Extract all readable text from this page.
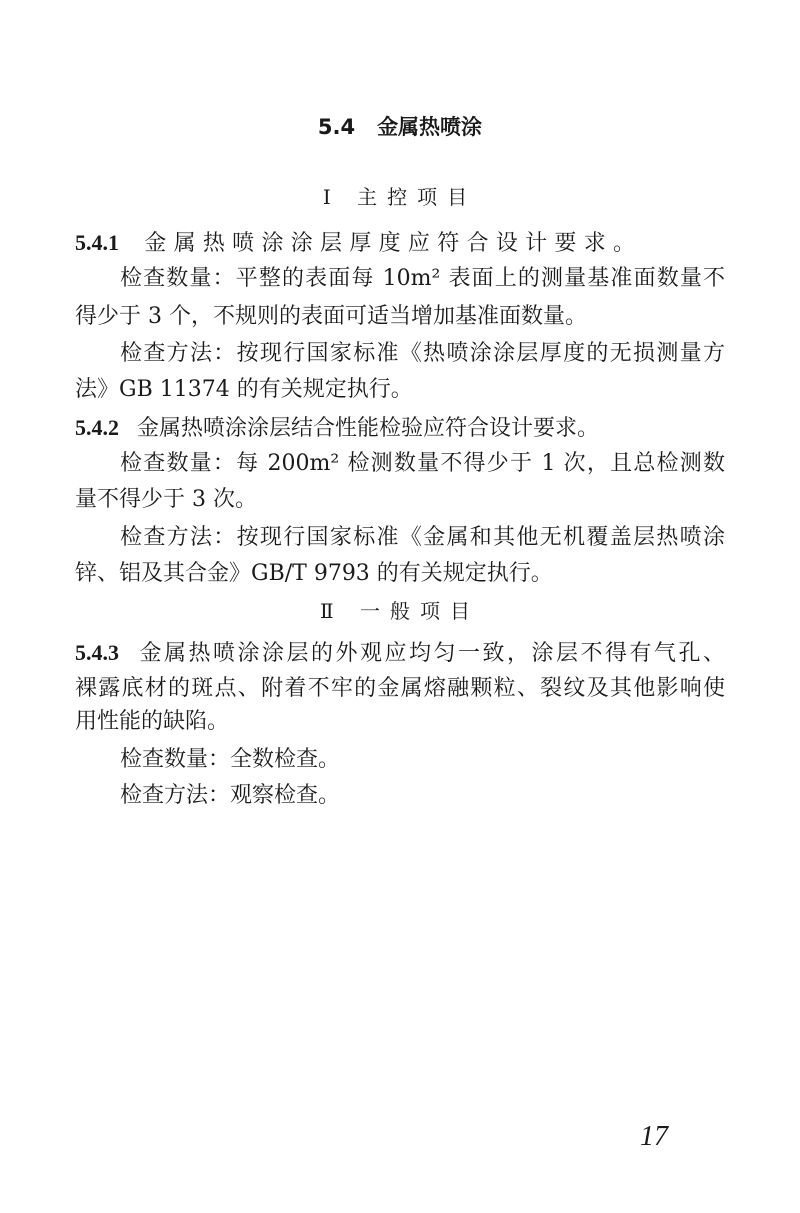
5.4 金属热喷涂
Ⅰ 主控项目
5.4.1 金属热喷涂涂层厚度应符合设计要求。
检查数量：平整的表面每 10m² 表面上的测量基准面数量不
得少于 3 个，不规则的表面可适当增加基准面数量。
检查方法：按现行国家标准《热喷涂涂层厚度的无损测量方
法》GB 11374 的有关规定执行。
5.4.2 金属热喷涂涂层结合性能检验应符合设计要求。
检查数量：每 200m² 检测数量不得少于 1 次，且总检测数
量不得少于 3 次。
检查方法：按现行国家标准《金属和其他无机覆盖层热喷涂
锌、铝及其合金》GB/T 9793 的有关规定执行。
Ⅱ 一般项目
5.4.3 金属热喷涂涂层的外观应均匀一致，涂层不得有气孔、
裸露底材的斑点、附着不牢的金属熔融颗粒、裂纹及其他影响使
用性能的缺陷。
检查数量：全数检查。
检查方法：观察检查。
17
